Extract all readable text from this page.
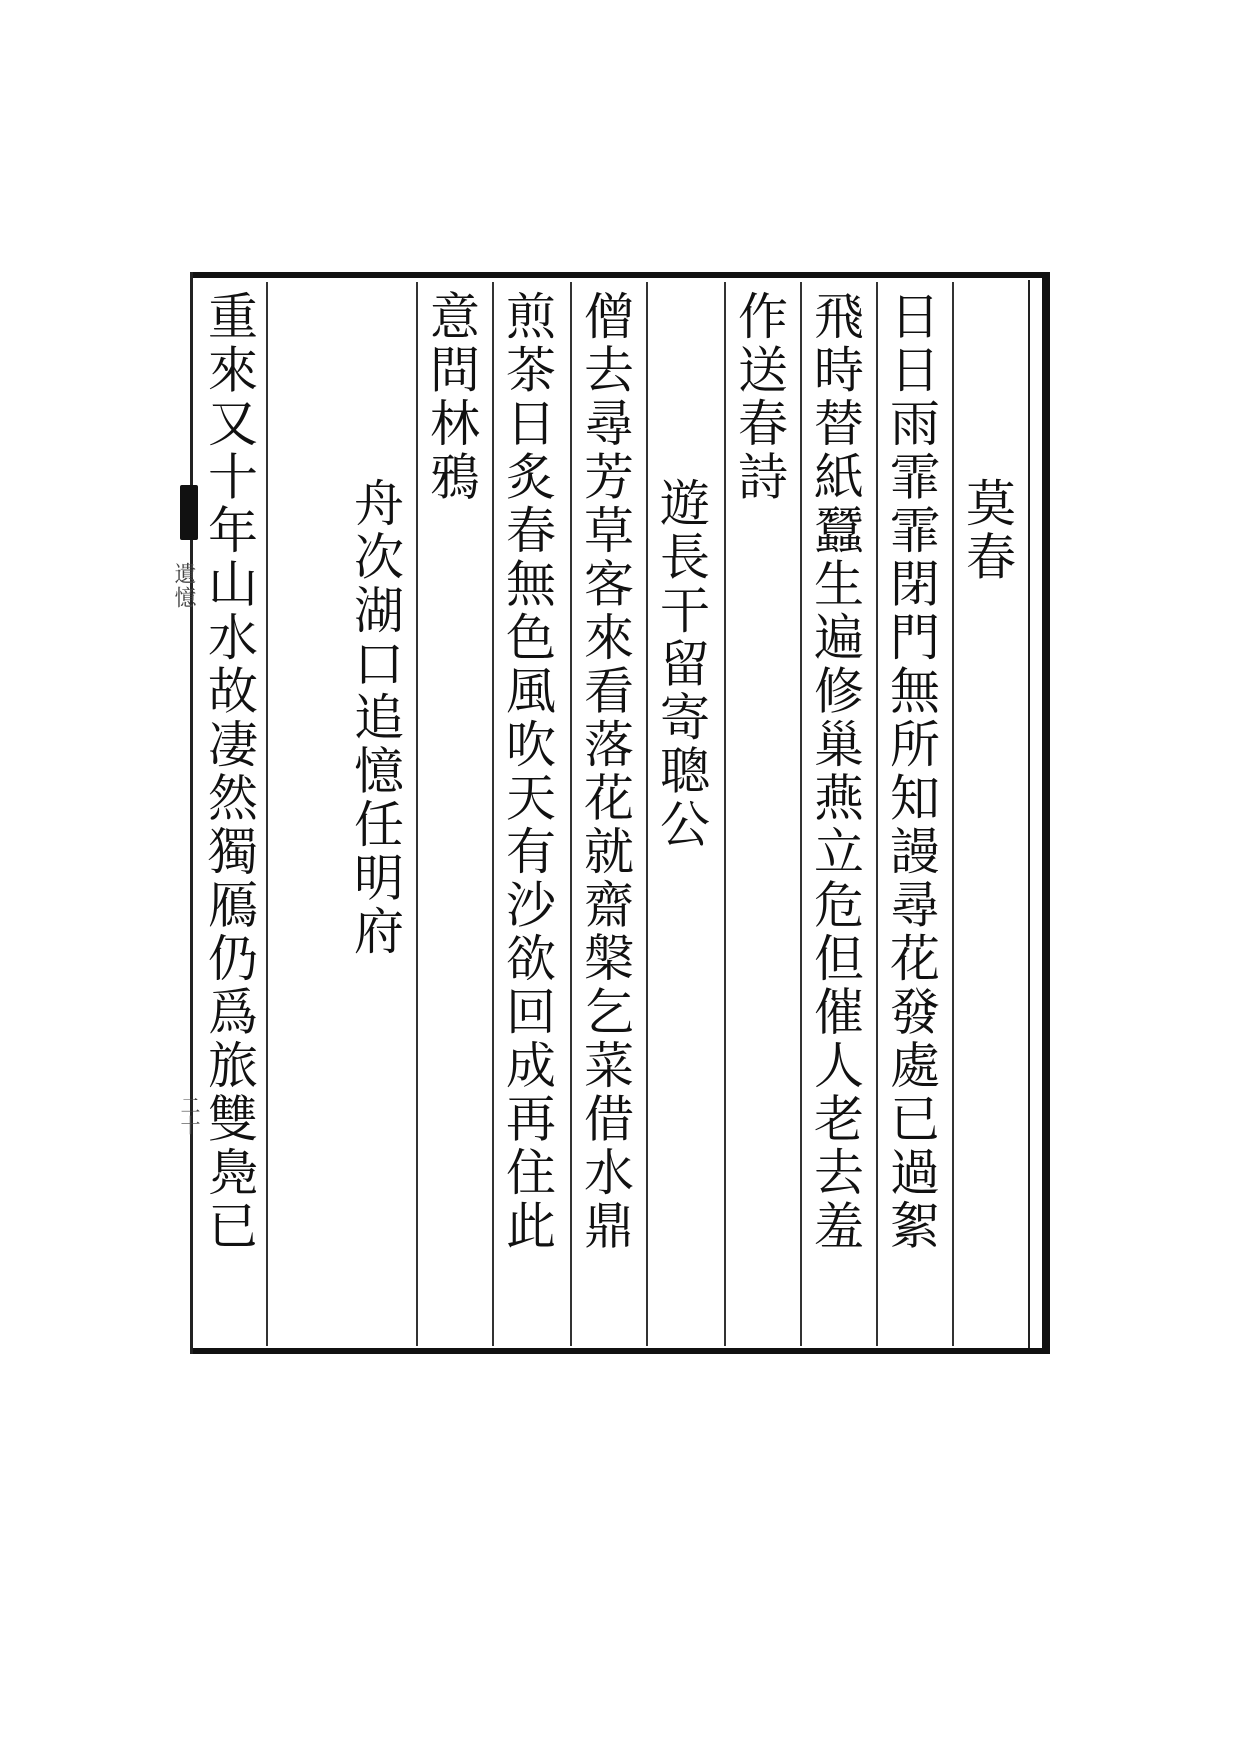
莫春
日日雨霏霏閉門無所知謾尋花發處已過絮
飛時替紙蠶生遍修巢燕立危但催人老去羞
作送春詩
遊長干留寄聰公
僧去尋芳草客來看落花就齋槃乞菜借水鼎
煎茶日炙春無色風吹天有沙欲回成再住此
意問林鴉
舟次湖口追憶任明府
重來又十年山水故凄然獨鴈仍爲旅雙鳧已
遺憶
二十
